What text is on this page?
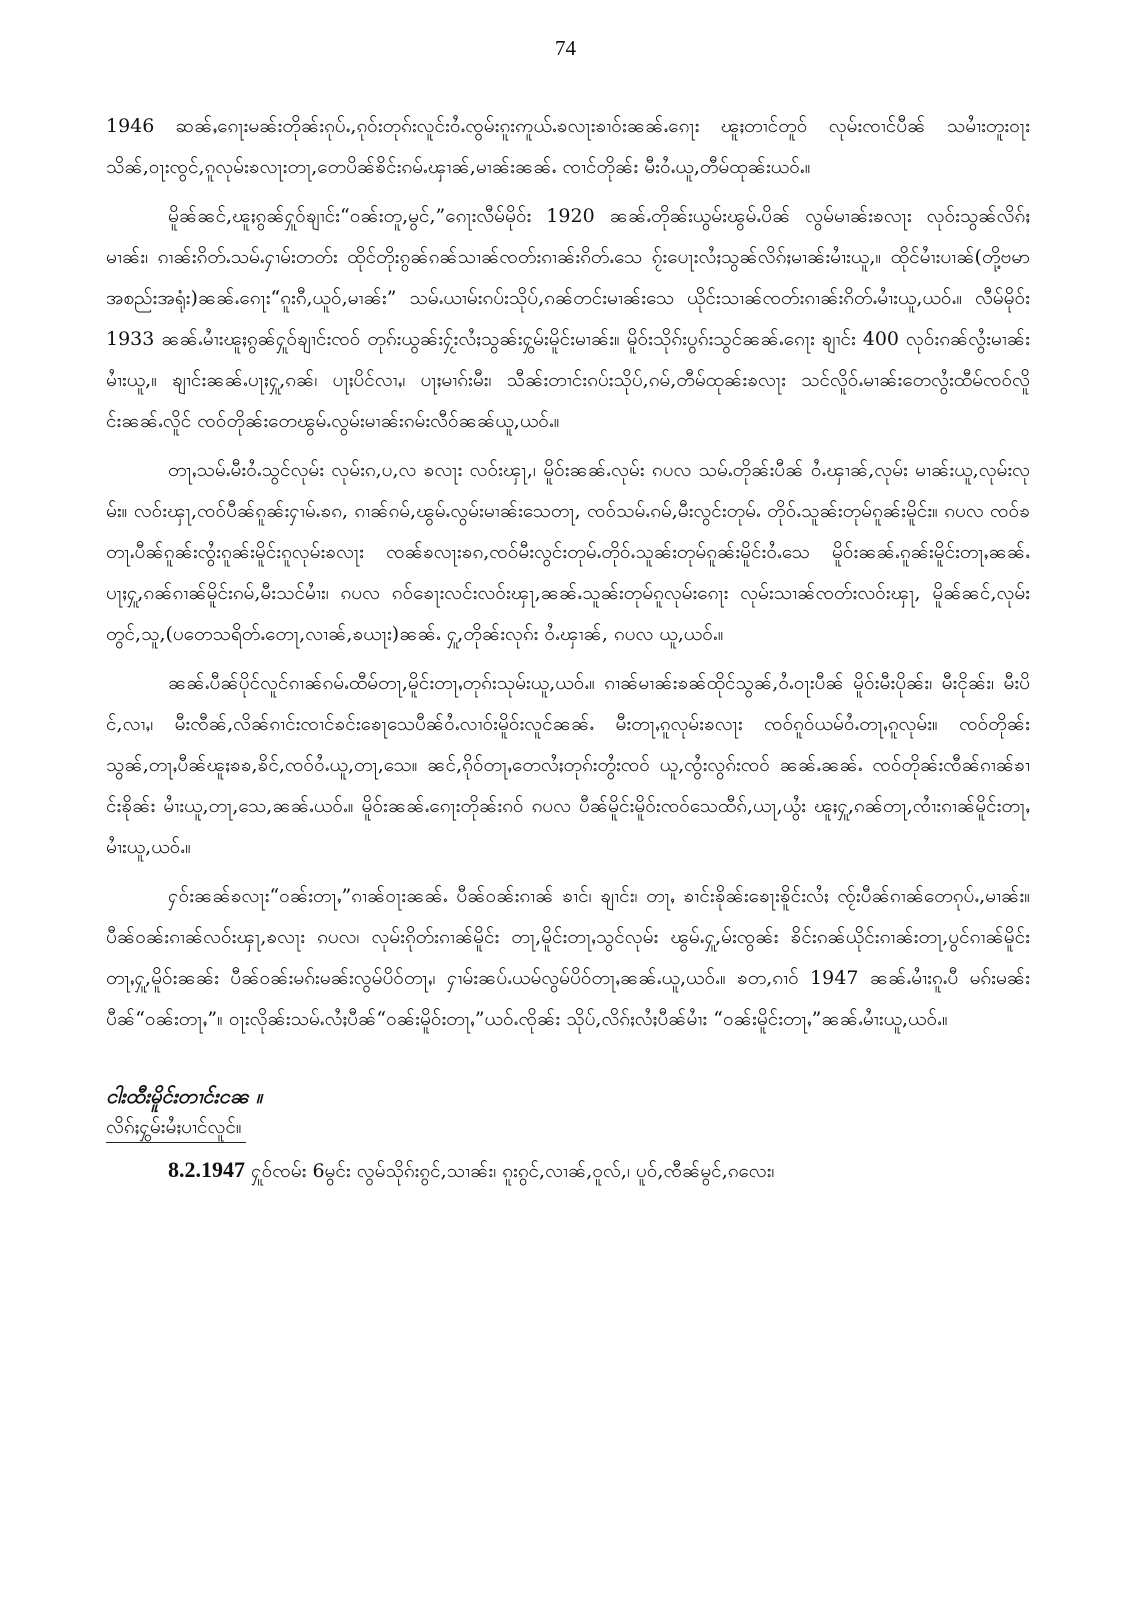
74

1946 ဆၼ်ႇၵေႃးမၼ်းတိုၼ်းၵုပ်ႉ,ၵုဝ်းတုၵ်းလူင်းဝႆႉၸွမ်းၵူးဢူယ်ႉၶလႃးၶၢဝ်းၼၼ်ႉၵေႃး ၽူႈတၢင်တူဝ် လုမ်းၸၢင်ပီၼ် သမၢႆးတူးဝႃးသိၼ်,ဝႃးၸွင်,ၵူလုမ်းၶလႃးတႃ,တေပိၼ်ၶိင်းၵမ်ႉၾၢၼ်,မၢၼ်းၼၼ်ႉ ၸၢင်တိုၼ်း မီးဝႆႉယူ,တီမ်ထုၼ်းယဝ်ႉ။

မိူၼ်ၼင်,ၽူႈၵွၼ်ႁူဝ်ၶျၢင်း“ဝၼ်းတူ,မွင်,”ၵေႃးလီမ်မိုဝ်း 1920 ၼၼ်ႉတိုၼ်းယွမ်းၽွမ်ႉပိၼ် လွမ်မၢၼ်းၶလႃး လုဝ်းသွၼ်လိၵ်ႈမၢၼ်း၊ ၵၢၼ်းၵိတ်ႉသမ်ႉႁၢမ်းတတ်း ထိုင်တိုးၵွၼ်ၵၼ်သၢၼ်ၸတ်းၵၢၼ်းၵိတ်ႉသေ ၵႂ်းပေႃးလႆႈသွၼ်လိၵ်ႈမၢၼ်းမၢႆးယူ,။ ထိုင်မၢႆးပၢၼ်(တို့ဗမာအစည်းအရုံး)ၼၼ်ႉၵေႃး“ၵူးၵီ,ယူဝ်,မၢၼ်း” သမ်ႉယၢမ်းၵပ်းသိုပ်,ၵၼ်တင်းမၢၼ်းသေ ယိုင်းသၢၼ်ၸတ်းၵၢၼ်းၵိတ်ႉမၢႆးယူ,ယဝ်ႉ။ လီမ်မိုဝ်း 1933 ၼၼ်ႉမၢႆးၽူႈၵွၼ်ႁူဝ်ၶျၢင်းၸဝ် တုၵ်းယွၼ်းႁႂ်းလႆႈသွၼ်းႁွမ်းမိူင်းမၢၼ်း။ မိူဝ်းသိုၵ်းပွၵ်းသွင်ၼၼ်ႉၵေႃး ၶျၢင်း 400 လုဝ်းၵၼ်လွႆးမၢၼ်းမၢႆးယူ,။ ၶျၢင်းၼၼ်ႉပႃႈႁူ,ၵၼ်၊ ပႃႈပိင်လၢႇ၊ ပႃႈမၢၵ်းမီး၊ သီၼ်းတၢင်းၵပ်းသိုပ်,ၵမ်,တီမ်ထုၼ်းၶလႃး သင်လိူဝ်ႉမၢၼ်းတေလွႆးထီမ်ၸဝ်လိူင်းၼၼ်ႉလိူင် ၸဝ်တိုၼ်းတေၽွမ်ႉလွမ်းမၢၼ်းၵမ်းလီဝ်ၼၼ်ယူ,ယဝ်ႉ။

တႃႇသမ်ႉမီးဝႆႉသွင်လုမ်း လုမ်းၵ,ပ,လ ၶလႃး လဝ်းၾႃ,၊ မိူဝ်းၼၼ်ႉလုမ်း ၵပလ သမ်ႉတိုၼ်းပီၼ် ဝႆႉၾၢၼ်,လုမ်း မၢၼ်းယူ,လုမ်းလုမ်း။ လဝ်းၾႃ,ၸဝ်ပီၼ်ၵူၼ်းႁၢမ်ႉၶၵ, ၵၢၼ်ၵမ်,ၽွမ်ႉလွမ်းမၢၼ်းသေတႃ, ၸဝ်သမ်ႉၵမ်,မီးလွင်းတုမ်ႉ တိုဝ်ႉသူၼ်းတုမ်ၵူၼ်းမိူင်း။ ၵပလ ၸဝ်ၶတႃႉပီၼ်ၵူၼ်းၸွႆးၵူၼ်းမိူင်းၵူလုမ်းၶလႃး ၸၼ်ၶလႃးၶၵ,ၸဝ်မီးလွင်းတုမ်ႉတိုဝ်ႉသူၼ်းတုမ်ၵူၼ်းမိူင်းဝႆႉသေ မိူဝ်းၼၼ်ႉၵူၼ်းမိူင်းတႃႇၼၼ်ႉ ပႃႈႁူ,ၵၼ်ၵၢၼ်မိူင်းၵမ်,မီးသင်မၢႆး၊ ၵပလ ၵဝ်ၶေႃးလင်းလဝ်းၾႃ,ၼၼ်ႉသူၼ်းတုမ်ၵူလုမ်းၵေႃး လုမ်းသၢၼ်ၸတ်းလဝ်းၾႃ, မိူၼ်ၼင်,လုမ်းတွင်,သူ,(ပတေသရိတ်ႉတေႃ,လၢၼ်,ၶယႃး)ၼၼ်ႉ ႁူ,တိုၼ်းလုၵ်း ဝႆႉၾၢၼ်, ၵပလ ယူ,ယဝ်ႉ။

ၼၼ်ႉပီၼ်ပိုင်လူင်ၵၢၼ်ၵမ်ႉထီမ်တႃ,မိူင်းတႃႇတုၵ်းသုမ်းယူ,ယဝ်ႉ။ ၵၢၼ်မၢၼ်းၶၼ်ထိုင်သွၼ်,ဝႆႉဝႃးပီၼ် မိူဝ်းမီးပိုၼ်း၊ မီးငိုၼ်း၊ မီးပိင်,လၢႇ၊ မီးၸီၼ်,လိၼ်ၵၢင်းၸၢင်ၶင်းၶေႃသေပီၼ်ဝႆႉလၢဝ်းမိူဝ်းလူင်ၼၼ်ႉ မီးတႃႇၵူလုမ်းၶလႃး ၸဝ်ၵူဝ်ယမ်ဝႆႉတႃႇၵူလုမ်း။ ၸဝ်တိုၼ်းသွၼ်,တႃႇပီၼ်ၽူႈၶၶ,ၶိင်,ၸဝ်ဝႆႉယူ,တႃ,သေ။ ၼင်,ၵိုဝ်တႃႇတေလႆႈတုၵ်းတွႆးၸဝ် ယူ,ၸွႆးလွၵ်းၸဝ် ၼၼ်ႉၼၼ်ႉ ၸဝ်တိုၼ်းၸီၼ်ၵၢၼ်ၶၢင်းၶိုၼ်း မၢႆးယူ,တႃ,သေ,ၼၼ်ႉယဝ်ႉ။ မိူဝ်းၼၼ်ႉၵေႃးတိုၼ်းၵဝ် ၵပလ ပီၼ်မိူင်းမိူဝ်းၸဝ်သေထီၵ်,ယႃ,ယွႆး ၽူႈႁူ,ၵၼ်တႃ,ၸၢႆးၵၢၼ်မိူင်းတႃႇမၢႆးယူ,ယဝ်ႉ။

ႁဝ်းၼၼ်ၶလႃး“ဝၼ်းတႃႇ”ၵၢၼ်ဝႃးၼၼ်ႉ ပီၼ်ဝၼ်းၵၢၼ် ၶၢင်၊ ၶျၢင်း၊ တႃႇ ၶၢင်းၶိုၼ်းၶေႃးၶိူင်းလႆႈ ၸႂ်းပီၼ်ၵၢၼ်တေၵုပ်ႉ,မၢၼ်း။ ပီၼ်ဝၼ်းၵၢၼ်လဝ်းၾႃ,ၶလႃး ၵပလ၊ လုမ်းၵိုတ်းၵၢၼ်မိူင်း တႃ,မိူင်းတႃႇသွင်လုမ်း ၽွမ်ႉႁူ,မ်းၸွၼ်း ၶိင်းၵၼ်ယိုင်းၵၢၼ်းတႃ,ပွင်ၵၢၼ်မိူင်းတႃႇႁူ,မိူဝ်းၼၼ်း ပီၼ်ဝၼ်းမၵ်းမၼ်းလွမ်ပိဝ်တႃႇ၊ ႁၢမ်းၼပ်ႉယမ်လွမ်ပိဝ်တႃႇၼၼ်ႉယူ,ယဝ်ႉ။ ၶတ,ၵၢဝ် 1947 ၼၼ်ႉမၢႆးၵူႉပီ မၵ်းမၼ်းပီၼ်“ဝၼ်းတႃႇ”။ ဝႃးလိုၼ်းသမ်ႉလႆႈပီၼ်“ဝၼ်းမိူဝ်းတႃႇ”ယဝ်ႉၸိုၼ်း သိုပ်,လိၵ်ႈလႆႈပီၼ်မၢႆး “ဝၼ်းမိူင်းတႃႇ”ၼၼ်ႉမၢႆးယူ,ယဝ်ႉ။

ငါးထီးမိူင်းတၢင်းငၼ ။
လိၵ်ႈႁွမ်းမႆႈပၢင်လူင်။
8.2.1947 ႁူဝ်ၸမ်း 6မွင်း လွမ်သိုၵ်းၵွင်,သၢၼ်း၊ ၵူးၵွင်,လၢၼ်,ဝူလ်,၊ ပူဝ်,ၸီၼ်မွင်,ၵလေး၊
